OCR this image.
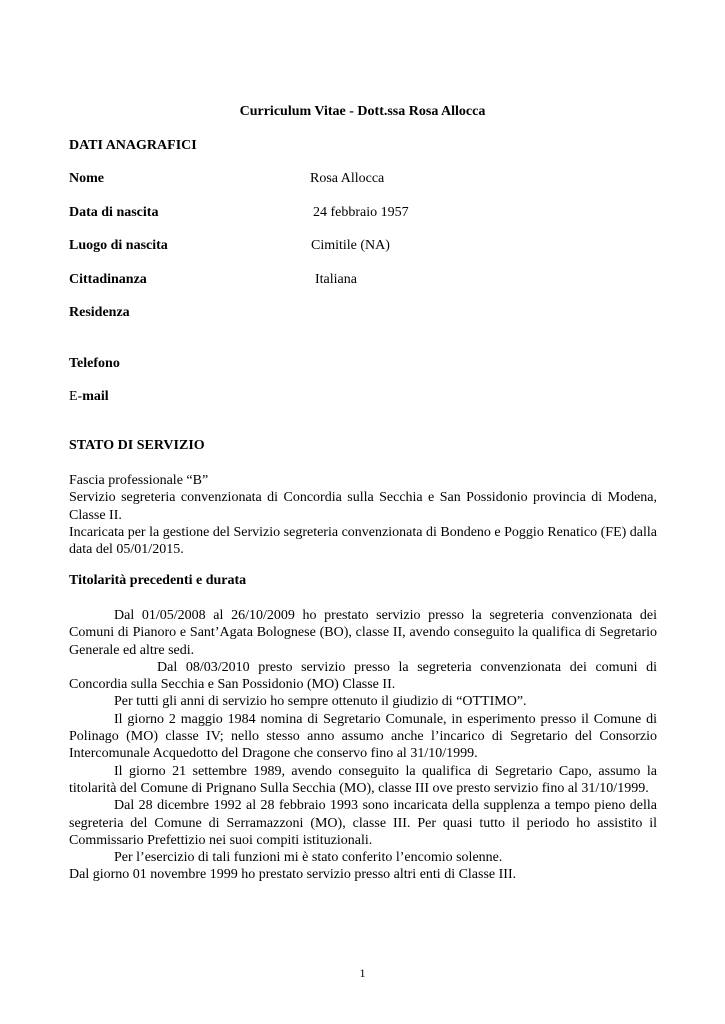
Curriculum Vitae - Dott.ssa Rosa Allocca
DATI ANAGRAFICI
Nome	Rosa Allocca
Data di nascita	24 febbraio 1957
Luogo di nascita	Cimitile (NA)
Cittadinanza	Italiana
Residenza
Telefono
E-mail
STATO DI SERVIZIO

Fascia professionale “B”

Servizio segreteria convenzionata di Concordia sulla Secchia e San Possidonio provincia di Modena, Classe II.

Incaricata per la gestione del Servizio segreteria convenzionata di Bondeno e Poggio Renatico (FE) dalla data del 05/01/2015.

Titolarità precedenti e durata

Dal 01/05/2008 al 26/10/2009 ho prestato servizio presso la segreteria convenzionata dei Comuni di Pianoro e Sant’Agata Bolognese (BO), classe II, avendo conseguito la qualifica di Segretario Generale ed altre sedi.

Dal 08/03/2010 presto servizio presso la segreteria convenzionata dei comuni di Concordia sulla Secchia e San Possidonio (MO) Classe II.

Per tutti gli anni di servizio ho sempre ottenuto il giudizio di “OTTIMO”.

Il giorno 2 maggio 1984 nomina di Segretario Comunale, in esperimento presso il Comune di Polinago (MO) classe IV; nello stesso anno assumo anche l’incarico di Segretario del Consorzio Intercomunale Acquedotto del Dragone che conservo fino al 31/10/1999.

Il giorno 21 settembre 1989, avendo conseguito la qualifica di Segretario Capo, assumo la titolarità del Comune di Prignano Sulla Secchia (MO), classe III ove presto servizio fino al 31/10/1999.

Dal 28 dicembre 1992 al 28 febbraio 1993 sono incaricata della supplenza a tempo pieno della segreteria del Comune di Serramazzoni (MO), classe III. Per quasi tutto il periodo ho assistito il Commissario Prefettizio nei suoi compiti istituzionali.

Per l’esercizio di tali funzioni mi è stato conferito l’encomio solenne.

Dal giorno 01 novembre 1999 ho prestato servizio presso altri enti di Classe III.

1
